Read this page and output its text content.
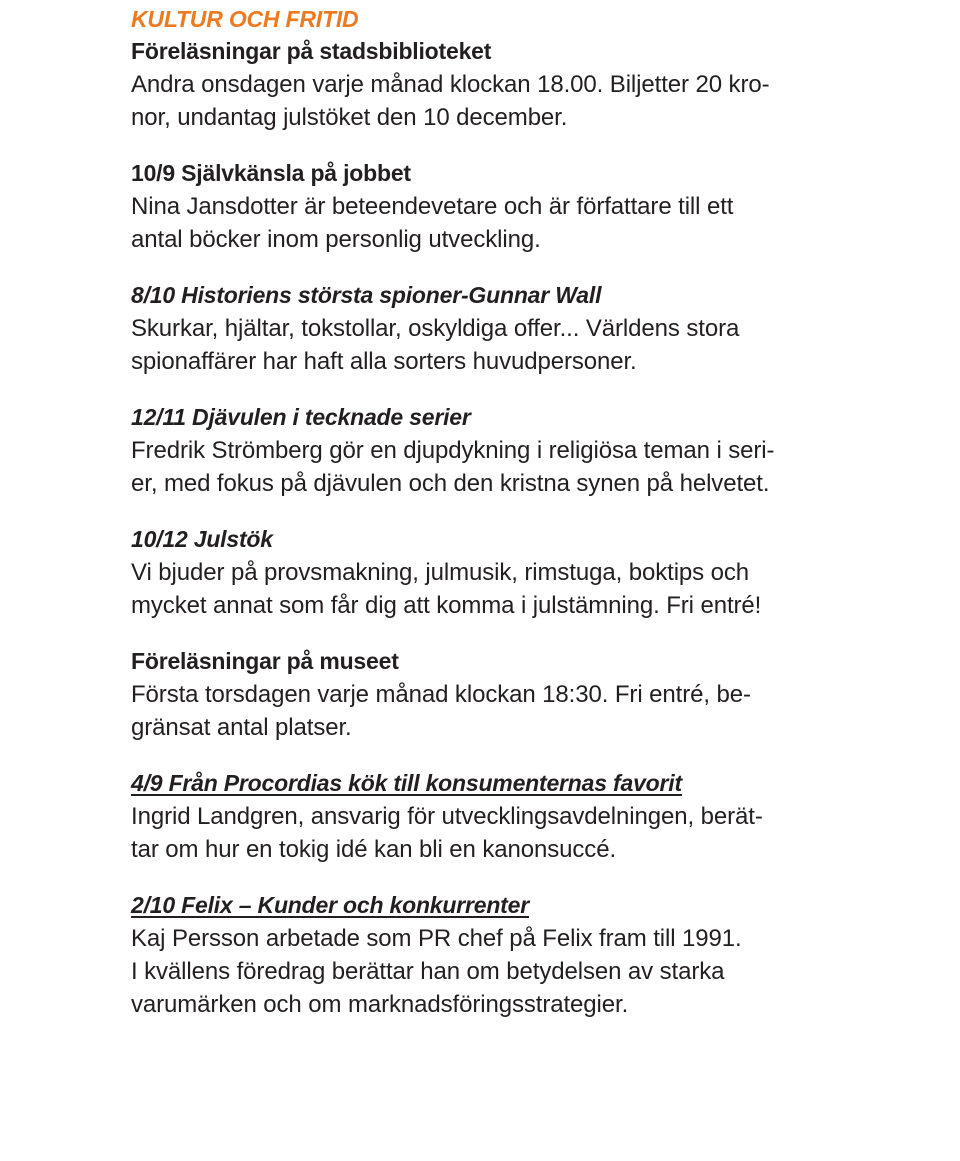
KULTUR OCH FRITID

Föreläsningar på stadsbiblioteket

Andra onsdagen varje månad klockan 18.00. Biljetter 20 kro-

nor, undantag julstöket den 10 december.

10/9 Självkänsla på jobbet

Nina Jansdotter är beteendevetare och är författare till ett

antal böcker inom personlig utveckling.

8/10 Historiens största spioner-Gunnar Wall

Skurkar, hjältar, tokstollar, oskyldiga offer... Världens stora

spionaffärer har haft alla sorters huvudpersoner.

12/11 Djävulen i tecknade serier

Fredrik Strömberg gör en djupdykning i religiösa teman i seri-

er, med fokus på djävulen och den kristna synen på helvetet.

10/12 Julstök

Vi bjuder på provsmakning, julmusik, rimstuga, boktips och

mycket annat som får dig att komma i julstämning. Fri entré!

Föreläsningar på museet

Första torsdagen varje månad klockan 18:30. Fri entré, be-

gränsat antal platser.

4/9 Från Procordias kök till konsumenternas favorit

Ingrid Landgren, ansvarig för utvecklingsavdelningen, berät-

tar om hur en tokig idé kan bli en kanonsuccé.

2/10 Felix – Kunder och konkurrenter

Kaj Persson arbetade som PR chef på Felix fram till 1991.

I kvällens föredrag berättar han om betydelsen av starka

varumärken och om marknadsföringsstrategier.
